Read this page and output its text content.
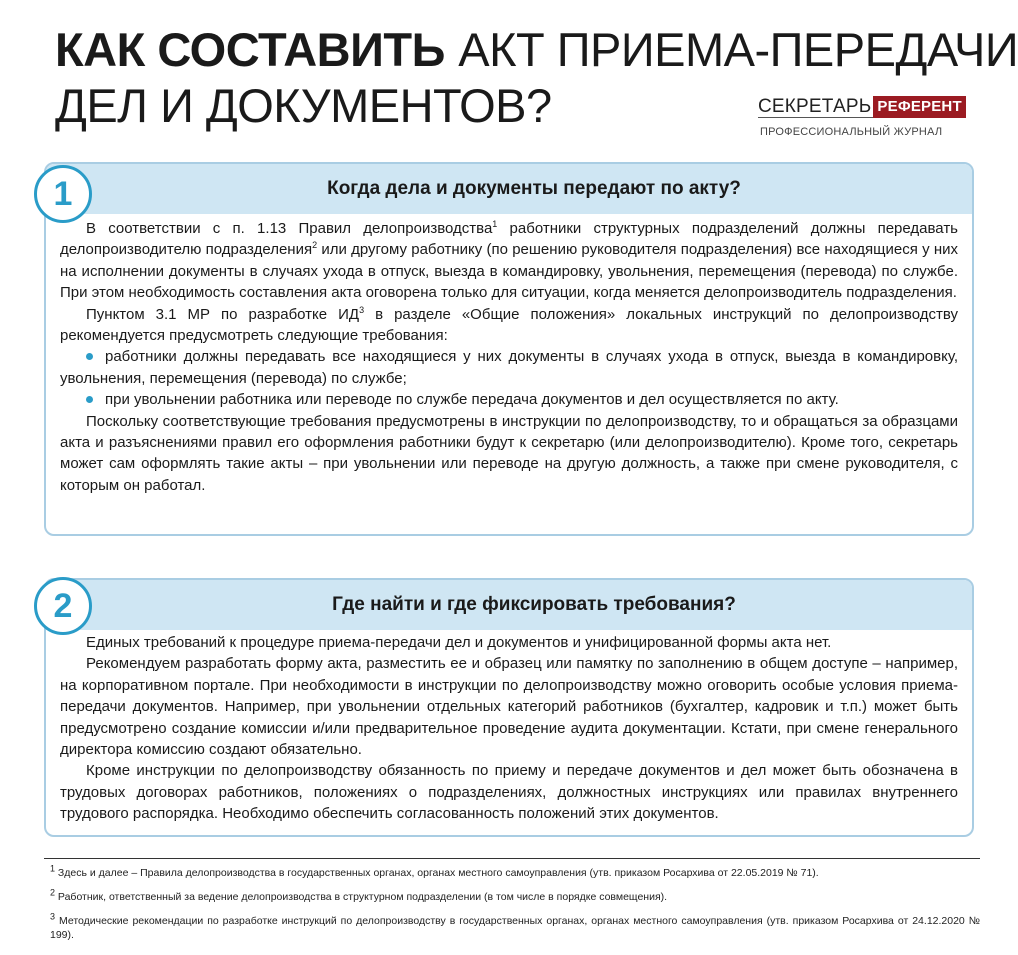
КАК СОСТАВИТЬ АКТ ПРИЕМА-ПЕРЕДАЧИ
ДЕЛ И ДОКУМЕНТОВ?	СЕКРЕТАРЬ РЕФЕРЕНТ
ПРОФЕССИОНАЛЬНЫЙ ЖУРНАЛ
Когда дела и документы передают по акту?

В соответствии с п. 1.13 Правил делопроизводства$^1$ работники структурных подразделений должны передавать делопроизводителю подразделения$^2$ или другому работнику (по решению руководителя подразделения) все находящиеся у них на исполнении документы в случаях ухода в отпуск, выезда в командировку, увольнения, перемещения (перевода) по службе. При этом необходимость составления акта оговорена только для ситуации, когда меняется делопроизводитель подразделения.

Пунктом 3.1 МР по разработке $ИД^3$ в разделе «Общие положения» локальных инструкций по делопроизводству рекомендуется предусмотреть следующие требования:

работники должны передавать все находящиеся у них документы в случаях ухода в отпуск, выезда в командировку, увольнения, перемещения (перевода) по службе;

при увольнении работника или переводе по службе передача документов и дел осуществляется по акту.

Поскольку соответствующие требования предусмотрены в инструкции по делопроизводству, то и обращаться за образцами акта и разъяснениями правил его оформления работники будут к секретарю (или делопроизводителю). Кроме того, секретарь может сам оформлять такие акты – при увольнении или переводе на другую должность, а также при смене руководителя, с которым он работал.

1
Где найти и где фиксировать требования?

Единых требований к процедуре приема-передачи дел и документов и унифицированной формы акта нет.

Рекомендуем разработать форму акта, разместить ее и образец или памятку по заполнению в общем доступе – например, на корпоративном портале. При необходимости в инструкции по делопроизводству можно оговорить особые условия приема-передачи документов. Например, при увольнении отдельных категорий работников (бухгалтер, кадровик и т.п.) может быть предусмотрено создание комиссии и/или предварительное проведение аудита документации. Кстати, при смене генерального директора комиссию создают обязательно.

Кроме инструкции по делопроизводству обязанность по приему и передаче документов и дел может быть обозначена в трудовых договорах работников, положениях о подразделениях, должностных инструкциях или правилах внутреннего трудового распорядка. Необходимо обеспечить согласованность положений этих документов.

2

$^1$ Здесь и далее – Правила делопроизводства в государственных органах, органах местного самоуправления (утв. приказом Росархива от 22.05.2019 № 71).

$^2$ Работник, ответственный за ведение делопроизводства в структурном подразделении (в том числе в порядке совмещения).

$^3$ Методические рекомендации по разработке инструкций по делопроизводству в государственных органах, органах местного самоуправления (утв. приказом Росархива от 24.12.2020 № 199).
